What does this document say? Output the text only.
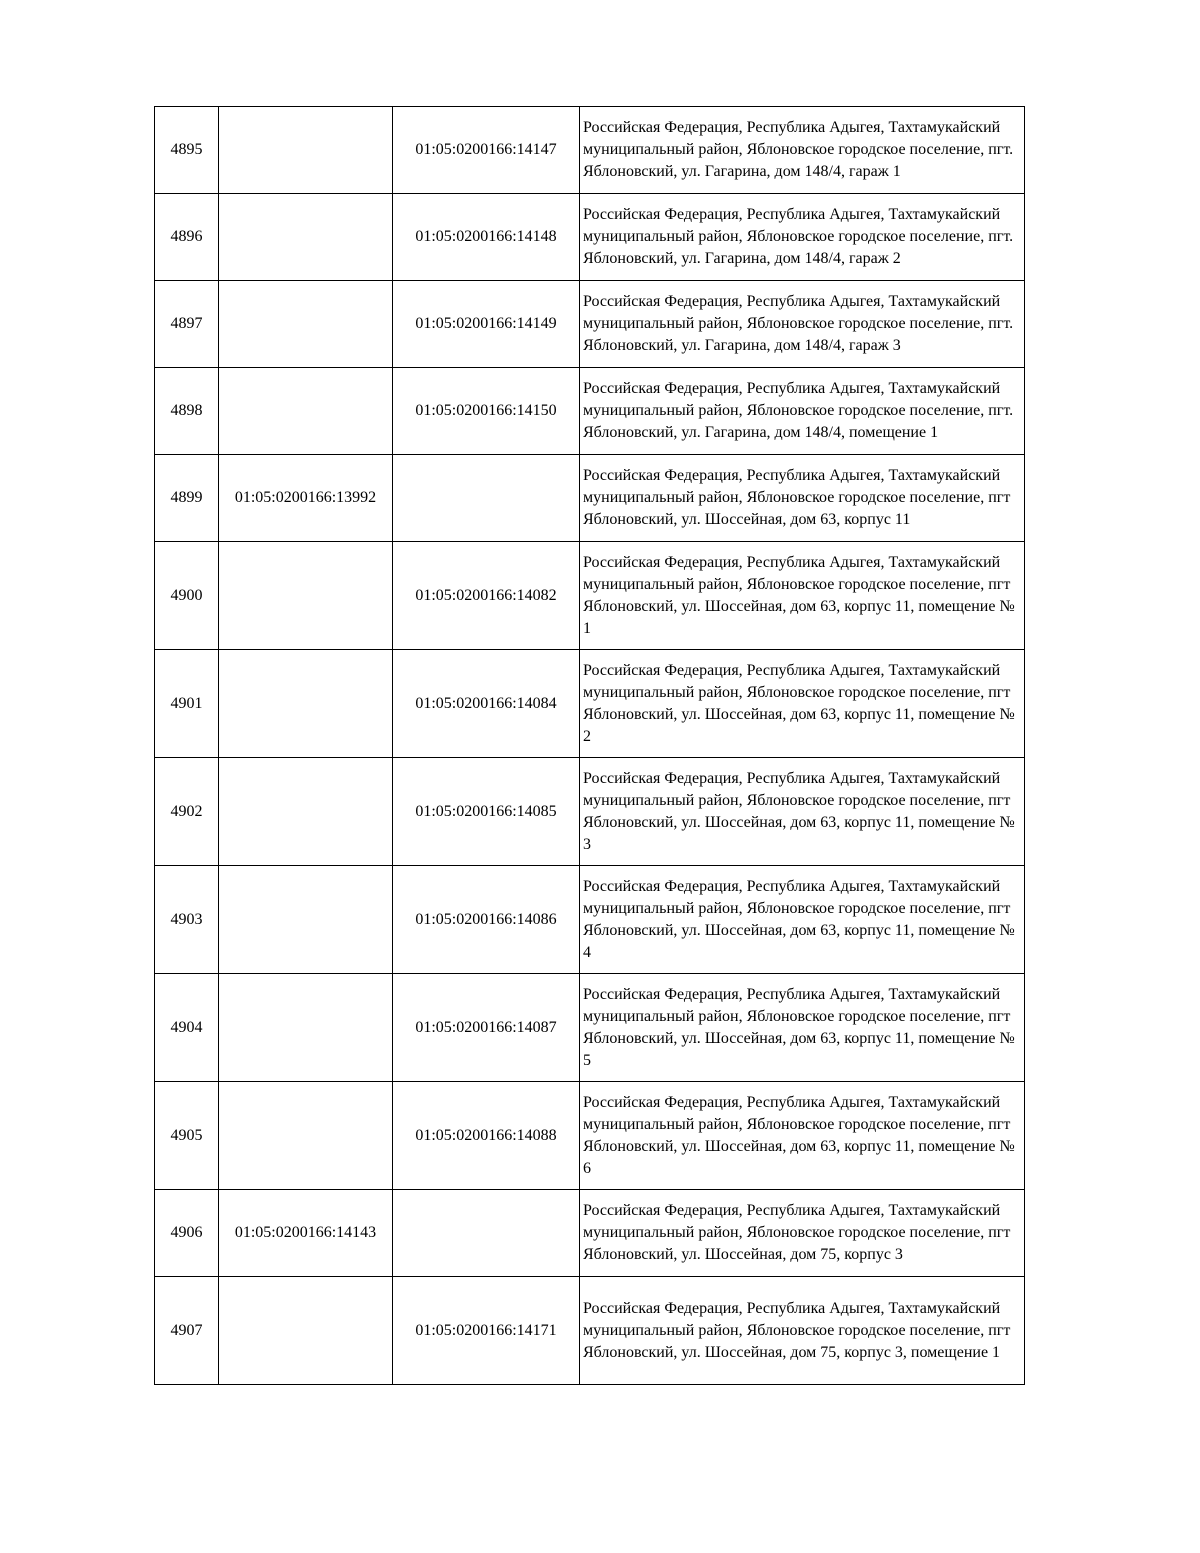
4895		01:05:0200166:14147	Российская Федерация, Республика Адыгея, Тахтамукайский муниципальный район, Яблоновское городское поселение, пгт. Яблоновский, ул. Гагарина, дом 148/4, гараж 1
4896		01:05:0200166:14148	Российская Федерация, Республика Адыгея, Тахтамукайский муниципальный район, Яблоновское городское поселение, пгт. Яблоновский, ул. Гагарина, дом 148/4, гараж 2
4897		01:05:0200166:14149	Российская Федерация, Республика Адыгея, Тахтамукайский муниципальный район, Яблоновское городское поселение, пгт. Яблоновский, ул. Гагарина, дом 148/4, гараж 3
4898		01:05:0200166:14150	Российская Федерация, Республика Адыгея, Тахтамукайский муниципальный район, Яблоновское городское поселение, пгт. Яблоновский, ул. Гагарина, дом 148/4, помещение 1
4899	01:05:0200166:13992		Российская Федерация, Республика Адыгея, Тахтамукайский муниципальный район, Яблоновское городское поселение, пгт Яблоновский, ул. Шоссейная, дом 63, корпус 11
4900		01:05:0200166:14082	Российская Федерация, Республика Адыгея, Тахтамукайский муниципальный район, Яблоновское городское поселение, пгт Яблоновский, ул. Шоссейная, дом 63, корпус 11, помещение № 1
4901		01:05:0200166:14084	Российская Федерация, Республика Адыгея, Тахтамукайский муниципальный район, Яблоновское городское поселение, пгт Яблоновский, ул. Шоссейная, дом 63, корпус 11, помещение № 2
4902		01:05:0200166:14085	Российская Федерация, Республика Адыгея, Тахтамукайский муниципальный район, Яблоновское городское поселение, пгт Яблоновский, ул. Шоссейная, дом 63, корпус 11, помещение № 3
4903		01:05:0200166:14086	Российская Федерация, Республика Адыгея, Тахтамукайский муниципальный район, Яблоновское городское поселение, пгт Яблоновский, ул. Шоссейная, дом 63, корпус 11, помещение № 4
4904		01:05:0200166:14087	Российская Федерация, Республика Адыгея, Тахтамукайский муниципальный район, Яблоновское городское поселение, пгт Яблоновский, ул. Шоссейная, дом 63, корпус 11, помещение № 5
4905		01:05:0200166:14088	Российская Федерация, Республика Адыгея, Тахтамукайский муниципальный район, Яблоновское городское поселение, пгт Яблоновский, ул. Шоссейная, дом 63, корпус 11, помещение № 6
4906	01:05:0200166:14143		Российская Федерация, Республика Адыгея, Тахтамукайский муниципальный район, Яблоновское городское поселение, пгт Яблоновский, ул. Шоссейная, дом 75, корпус 3
4907		01:05:0200166:14171	Российская Федерация, Республика Адыгея, Тахтамукайский муниципальный район, Яблоновское городское поселение, пгт Яблоновский, ул. Шоссейная, дом 75, корпус 3, помещение 1
